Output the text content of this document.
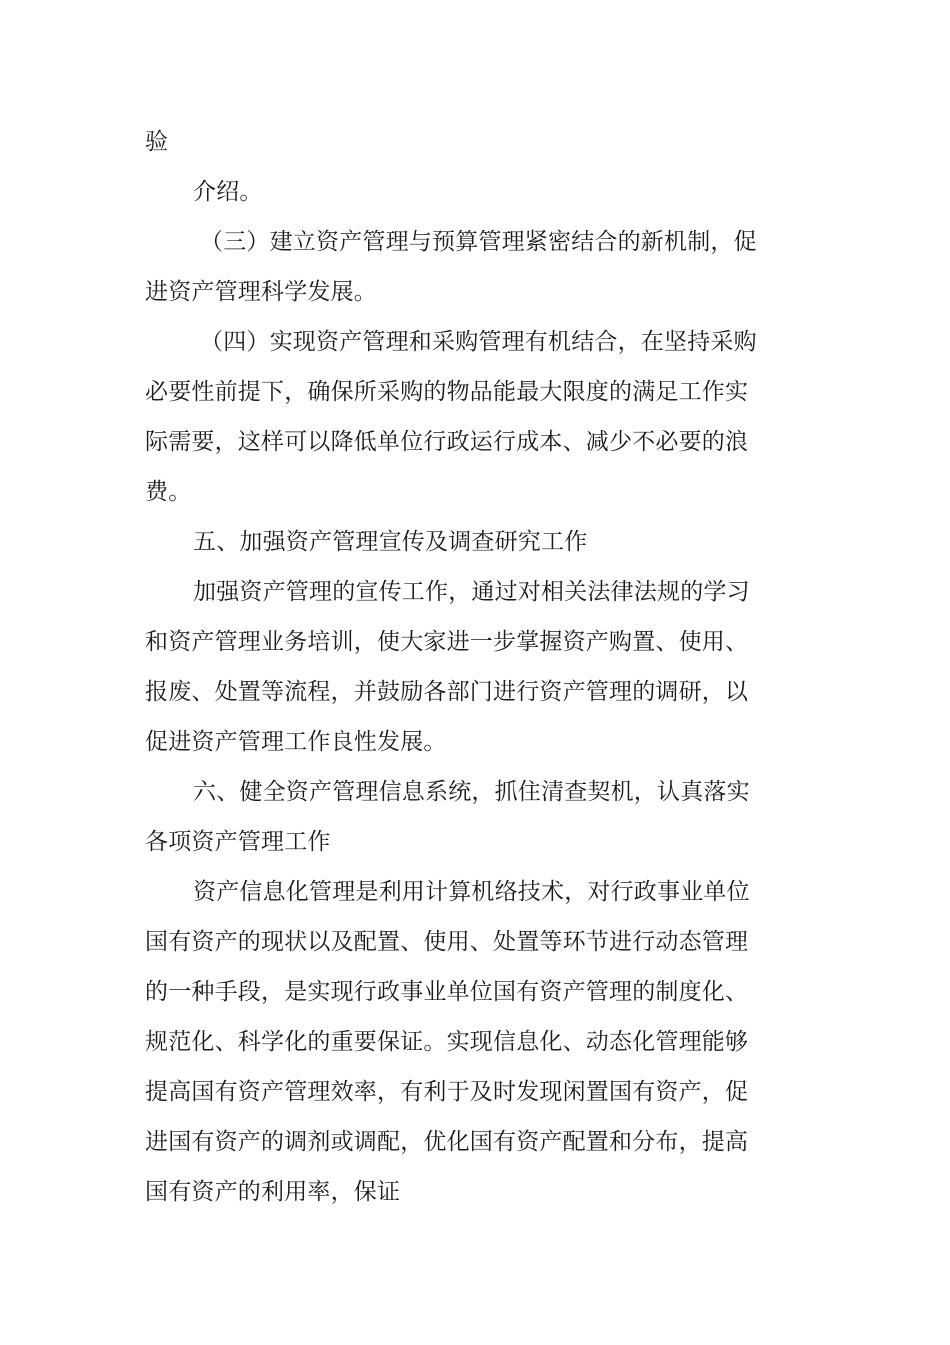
验
介绍。
（三）建立资产管理与预算管理紧密结合的新机制，促
进资产管理科学发展。
（四）实现资产管理和采购管理有机结合，在坚持采购
必要性前提下，确保所采购的物品能最大限度的满足工作实
际需要，这样可以降低单位行政运行成本、减少不必要的浪
费。
五、加强资产管理宣传及调查研究工作
加强资产管理的宣传工作，通过对相关法律法规的学习
和资产管理业务培训，使大家进一步掌握资产购置、使用、
报废、处置等流程，并鼓励各部门进行资产管理的调研，以
促进资产管理工作良性发展。
六、健全资产管理信息系统，抓住清查契机，认真落实
各项资产管理工作
资产信息化管理是利用计算机络技术，对行政事业单位
国有资产的现状以及配置、使用、处置等环节进行动态管理
的一种手段，是实现行政事业单位国有资产管理的制度化、
规范化、科学化的重要保证。实现信息化、动态化管理能够
提高国有资产管理效率，有利于及时发现闲置国有资产，促
进国有资产的调剂或调配，优化国有资产配置和分布，提高
国有资产的利用率，保证
